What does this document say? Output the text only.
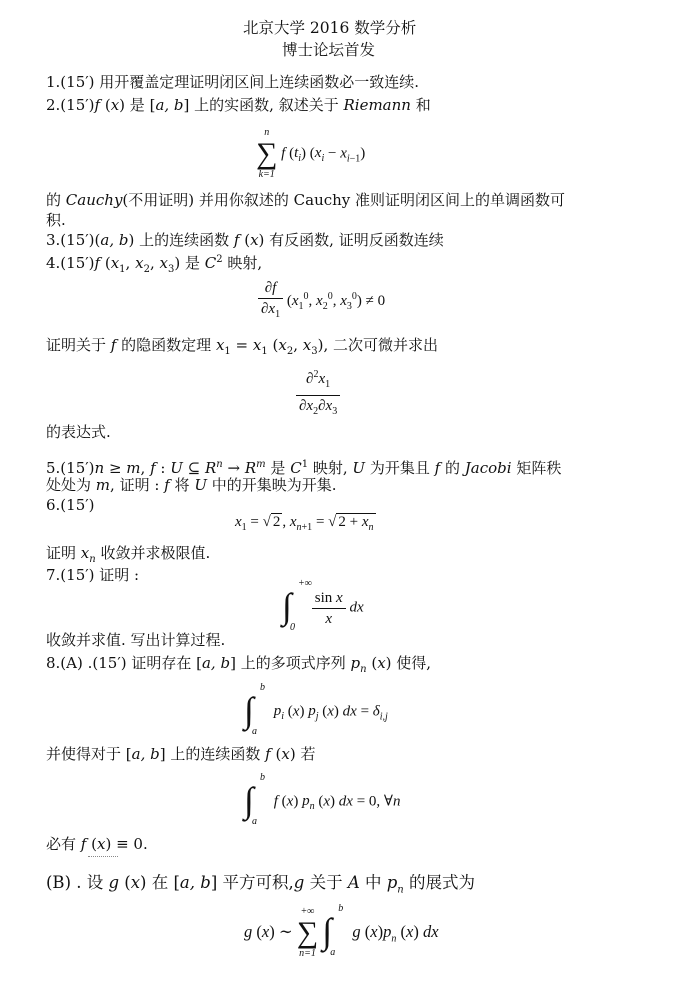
北京大学 2016 数学分析
博士论坛首发
1.(15′) 用开覆盖定理证明闭区间上连续函数必一致连续.
2.(15′)f (x) 是 [a, b] 上的实函数, 叙述关于 Riemann 和
n
∑
k=1
f $(t_i) (x_i - x_{i-1})$
的 Cauchy(不用证明) 并用你叙述的 Cauchy 准则证明闭区间上的单调函数可
积.
3.(15′)(a, b) 上的连续函数 f (x) 有反函数, 证明反函数连续
4.(15′)f ($x_1$, $x_2$, $x_3$) 是 $C^2$ 映射,
$\frac{\partial f}{\partial x_1} (x_1^0$, $x_2^0$, $x_3^0) \ne 0$
证明关于 f 的隐函数定理 $x_1 = x_1$ ($x_2$, $x_3$), 二次可微并求出
$\frac{\partial^2x_1}{\partial x_2\partial x_3}$
的表达式.
5.(15′)n ≥ m, f : U ⊆ $R^n \to R^m$ 是 $C^1$ 映射, U 为开集且 f 的 Jacobi 矩阵秩
处处为 m, 证明 : f 将 U 中的开集映为开集.
6.(15′)
$x_1$ = √ 2 , $x_{n+1}$ = √ $2 + x_n$
证明 $x_n$ 收敛并求极限值.
7.(15′) 证明 :
∫
+∞
0
$\frac{\text{sin x}}{x}$ dx
收敛并求值. 写出计算过程.
8.(A) .(15′) 证明存在 [a, b] 上的多项式序列 $p_n$ (x) 使得,
∫
b
a
$p_i$ (x) $p_j$ (x) dx = $\delta_{i,j}$
并使得对于 [a, b] 上的连续函数 f (x) 若
∫
b
a
f (x) $p_n$ (x) dx = 0, ∀n
必有 f (x) ≡ 0.
(B) . 设 g (x) 在 [a, b] 平方可积,g 关于 A 中 $p_n$ 的展式为
g (x) ∼
+∞
∑
n=1

∫
b
a
g $(x)p_n$ (x) dx
